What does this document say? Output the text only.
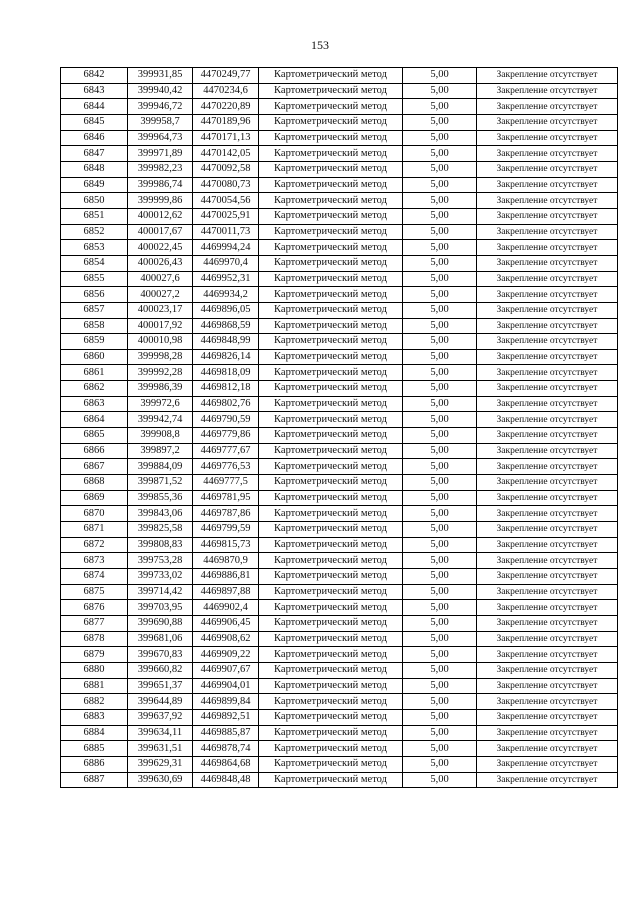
153
6842	399931,85	4470249,77	Картометрический метод	5,00	Закрепление отсутствует
6843	399940,42	4470234,6	Картометрический метод	5,00	Закрепление отсутствует
6844	399946,72	4470220,89	Картометрический метод	5,00	Закрепление отсутствует
6845	399958,7	4470189,96	Картометрический метод	5,00	Закрепление отсутствует
6846	399964,73	4470171,13	Картометрический метод	5,00	Закрепление отсутствует
6847	399971,89	4470142,05	Картометрический метод	5,00	Закрепление отсутствует
6848	399982,23	4470092,58	Картометрический метод	5,00	Закрепление отсутствует
6849	399986,74	4470080,73	Картометрический метод	5,00	Закрепление отсутствует
6850	399999,86	4470054,56	Картометрический метод	5,00	Закрепление отсутствует
6851	400012,62	4470025,91	Картометрический метод	5,00	Закрепление отсутствует
6852	400017,67	4470011,73	Картометрический метод	5,00	Закрепление отсутствует
6853	400022,45	4469994,24	Картометрический метод	5,00	Закрепление отсутствует
6854	400026,43	4469970,4	Картометрический метод	5,00	Закрепление отсутствует
6855	400027,6	4469952,31	Картометрический метод	5,00	Закрепление отсутствует
6856	400027,2	4469934,2	Картометрический метод	5,00	Закрепление отсутствует
6857	400023,17	4469896,05	Картометрический метод	5,00	Закрепление отсутствует
6858	400017,92	4469868,59	Картометрический метод	5,00	Закрепление отсутствует
6859	400010,98	4469848,99	Картометрический метод	5,00	Закрепление отсутствует
6860	399998,28	4469826,14	Картометрический метод	5,00	Закрепление отсутствует
6861	399992,28	4469818,09	Картометрический метод	5,00	Закрепление отсутствует
6862	399986,39	4469812,18	Картометрический метод	5,00	Закрепление отсутствует
6863	399972,6	4469802,76	Картометрический метод	5,00	Закрепление отсутствует
6864	399942,74	4469790,59	Картометрический метод	5,00	Закрепление отсутствует
6865	399908,8	4469779,86	Картометрический метод	5,00	Закрепление отсутствует
6866	399897,2	4469777,67	Картометрический метод	5,00	Закрепление отсутствует
6867	399884,09	4469776,53	Картометрический метод	5,00	Закрепление отсутствует
6868	399871,52	4469777,5	Картометрический метод	5,00	Закрепление отсутствует
6869	399855,36	4469781,95	Картометрический метод	5,00	Закрепление отсутствует
6870	399843,06	4469787,86	Картометрический метод	5,00	Закрепление отсутствует
6871	399825,58	4469799,59	Картометрический метод	5,00	Закрепление отсутствует
6872	399808,83	4469815,73	Картометрический метод	5,00	Закрепление отсутствует
6873	399753,28	4469870,9	Картометрический метод	5,00	Закрепление отсутствует
6874	399733,02	4469886,81	Картометрический метод	5,00	Закрепление отсутствует
6875	399714,42	4469897,88	Картометрический метод	5,00	Закрепление отсутствует
6876	399703,95	4469902,4	Картометрический метод	5,00	Закрепление отсутствует
6877	399690,88	4469906,45	Картометрический метод	5,00	Закрепление отсутствует
6878	399681,06	4469908,62	Картометрический метод	5,00	Закрепление отсутствует
6879	399670,83	4469909,22	Картометрический метод	5,00	Закрепление отсутствует
6880	399660,82	4469907,67	Картометрический метод	5,00	Закрепление отсутствует
6881	399651,37	4469904,01	Картометрический метод	5,00	Закрепление отсутствует
6882	399644,89	4469899,84	Картометрический метод	5,00	Закрепление отсутствует
6883	399637,92	4469892,51	Картометрический метод	5,00	Закрепление отсутствует
6884	399634,11	4469885,87	Картометрический метод	5,00	Закрепление отсутствует
6885	399631,51	4469878,74	Картометрический метод	5,00	Закрепление отсутствует
6886	399629,31	4469864,68	Картометрический метод	5,00	Закрепление отсутствует
6887	399630,69	4469848,48	Картометрический метод	5,00	Закрепление отсутствует
